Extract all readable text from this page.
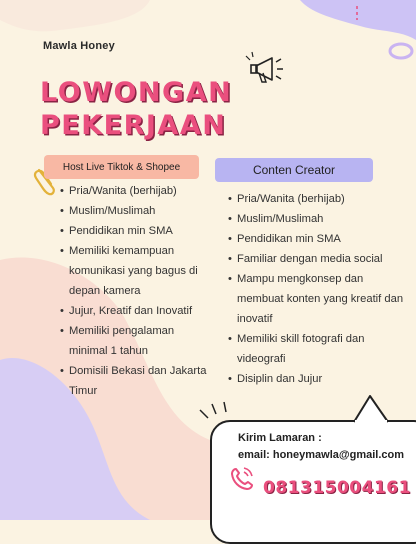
Mawla Honey
LOWONGAN
PEKERJAAN
Host Live Tiktok & Shopee	Conten Creator
• Pria/Wanita (berhijab)
• Muslim/Muslimah
• Pendidikan min SMA
• Memiliki kemampuan komunikasi yang bagus di depan kamera
• Jujur, Kreatif dan Inovatif
• Memiliki pengalaman minimal 1 tahun
• Domisili Bekasi dan Jakarta Timur
• Pria/Wanita (berhijab)
• Muslim/Muslimah
• Pendidikan min SMA
• Familiar dengan media social
• Mampu mengkonsep dan membuat konten yang kreatif dan inovatif
• Memiliki skill fotografi dan videografi
• Disiplin dan Jujur
Kirim Lamaran :
email: honeymawla@gmail.com
081315004161
